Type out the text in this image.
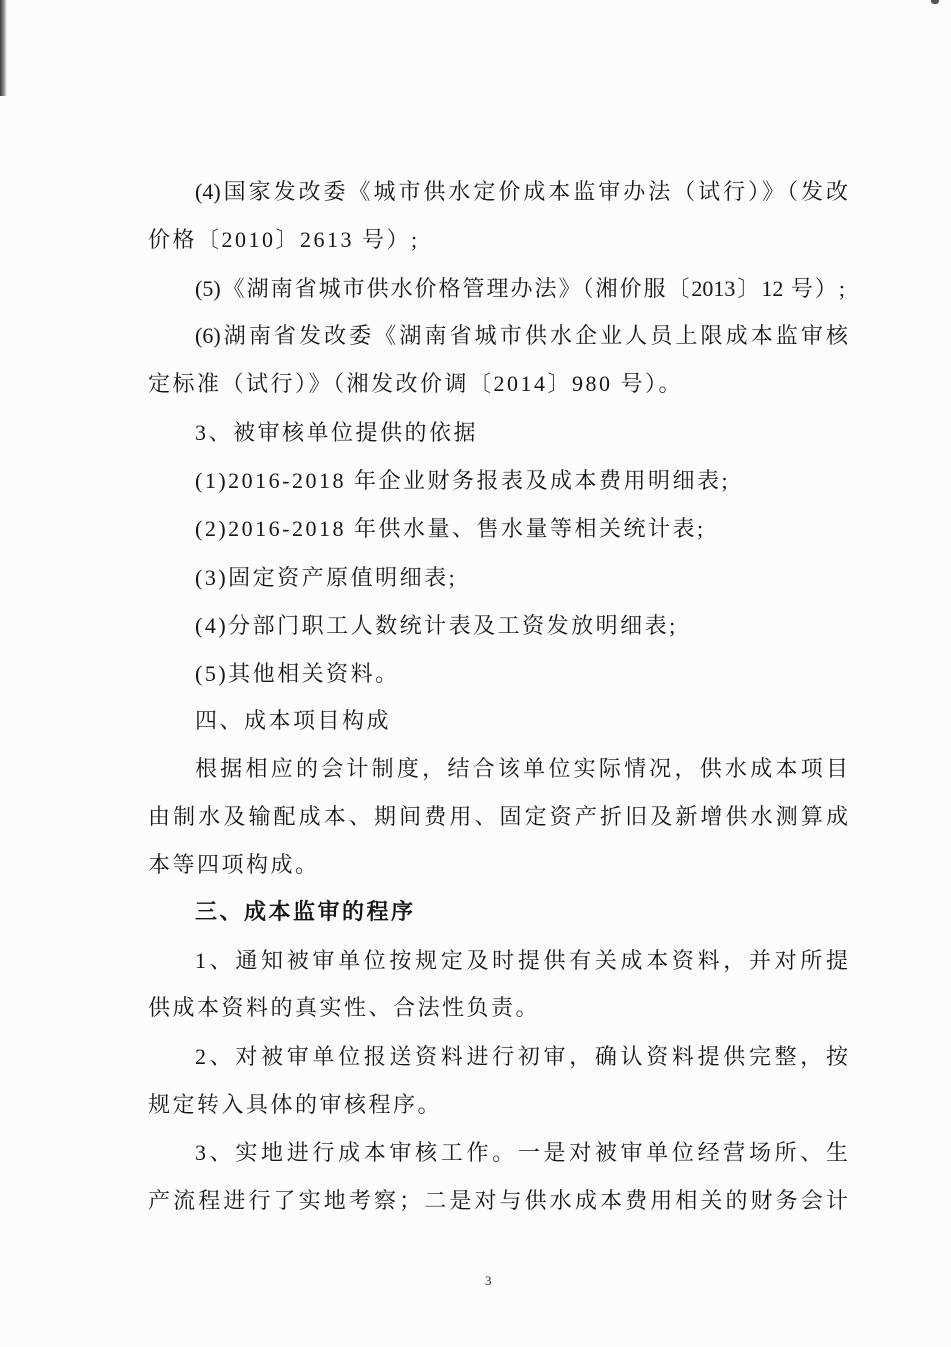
(4)国家发改委《城市供水定价成本监审办法（试行）》（发改
价格〔2010〕2613 号）;
(5)《湖南省城市供水价格管理办法》（湘价服〔2013〕12 号）;
(6)湖南省发改委《湖南省城市供水企业人员上限成本监审核
定标准（试行）》（湘发改价调〔2014〕980 号）。
3、被审核单位提供的依据
(1)2016-2018 年企业财务报表及成本费用明细表;
(2)2016-2018 年供水量、售水量等相关统计表;
(3)固定资产原值明细表;
(4)分部门职工人数统计表及工资发放明细表;
(5)其他相关资料。
四、成本项目构成
根据相应的会计制度，结合该单位实际情况，供水成本项目
由制水及输配成本、期间费用、固定资产折旧及新增供水测算成
本等四项构成。
三、成本监审的程序
1、通知被审单位按规定及时提供有关成本资料，并对所提
供成本资料的真实性、合法性负责。
2、对被审单位报送资料进行初审，确认资料提供完整，按
规定转入具体的审核程序。
3、实地进行成本审核工作。一是对被审单位经营场所、生
产流程进行了实地考察；二是对与供水成本费用相关的财务会计
3
